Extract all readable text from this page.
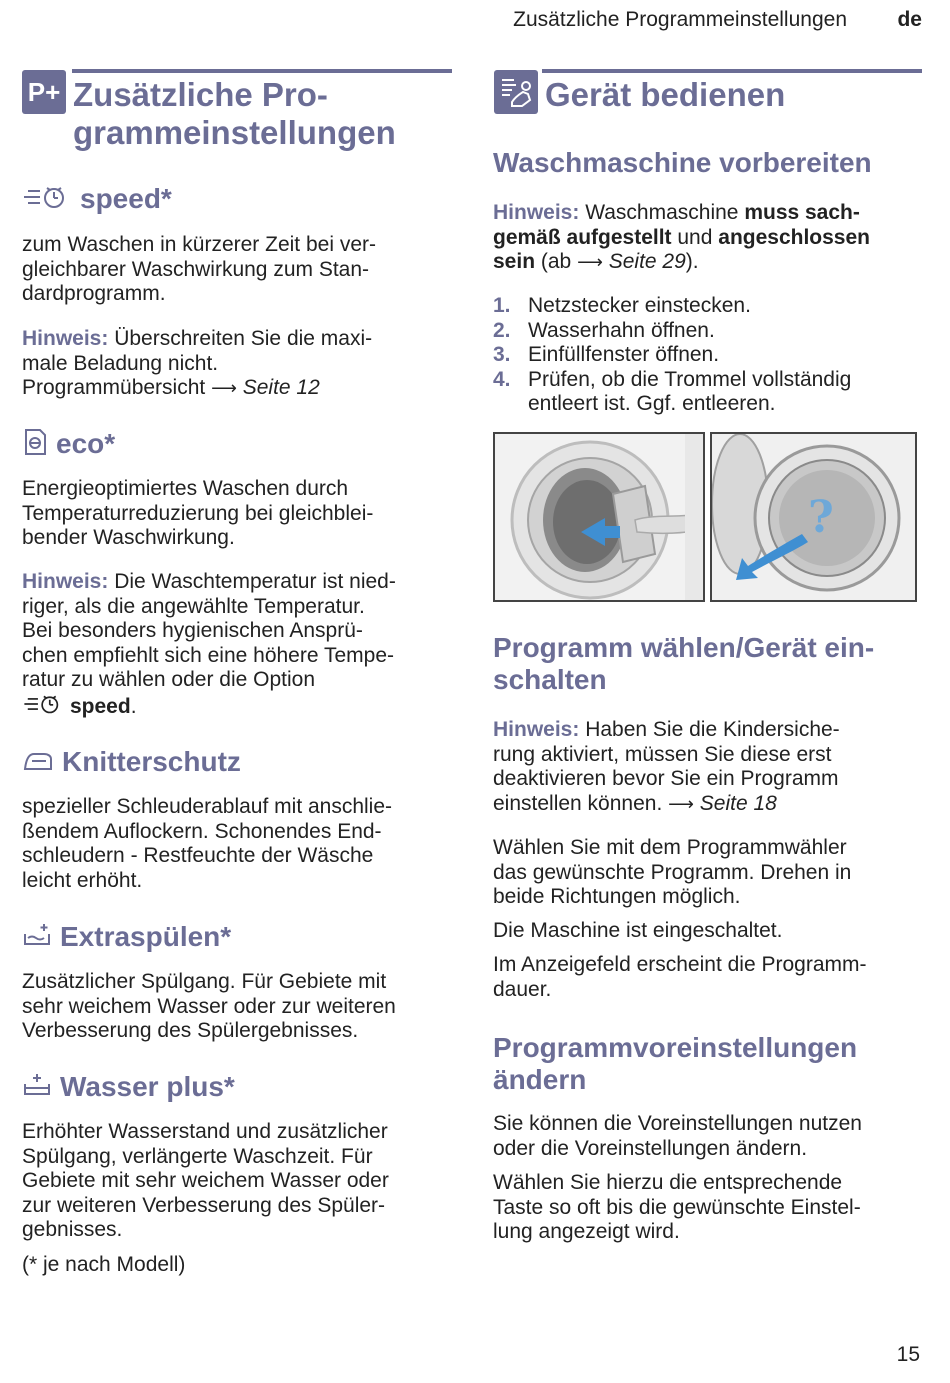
Zusätzliche Programmeinstellungen de
P+ Zusätzliche Pro-
grammeinstellungen
speed*

zum Waschen in kürzerer Zeit bei ver-

gleichbarer Waschwirkung zum Stan-

dardprogramm.

Hinweis: Überschreiten Sie die maxi-

male Beladung nicht.

Programmübersicht ⟶ Seite 12

eco*

Energieoptimiertes Waschen durch

Temperaturreduzierung bei gleichblei-

bender Waschwirkung.

Hinweis: Die Waschtemperatur ist nied-

riger, als die angewählte Temperatur.

Bei besonders hygienischen Ansprü-

chen empfiehlt sich eine höhere Tempe-

ratur zu wählen oder die Option

speed.

Knitterschutz

spezieller Schleuderablauf mit anschlie-

ßendem Auflockern. Schonendes End-

schleudern - Restfeuchte der Wäsche

leicht erhöht.

Extraspülen*

Zusätzlicher Spülgang. Für Gebiete mit

sehr weichem Wasser oder zur weiteren

Verbesserung des Spülergebnisses.

Wasser plus*

Erhöhter Wasserstand und zusätzlicher

Spülgang, verlängerte Waschzeit. Für

Gebiete mit sehr weichem Wasser oder

zur weiteren Verbesserung des Spüler-

gebnisses.

(* je nach Modell)

Gerät bedienen
Waschmaschine vorbereiten

Hinweis: Waschmaschine muss sach-

gemäß aufgestellt und angeschlossen

sein (ab ⟶ Seite 29).

1. Netzstecker einstecken.
2. Wasserhahn öffnen.
3. Einfüllfenster öffnen.
4. Prüfen, ob die Trommel vollständig
entleert ist. Ggf. entleeren.
?
Programm wählen/Gerät ein-
schalten

Hinweis: Haben Sie die Kindersiche-

rung aktiviert, müssen Sie diese erst

deaktivieren bevor Sie ein Programm

einstellen können. ⟶ Seite 18

Wählen Sie mit dem Programmwähler

das gewünschte Programm. Drehen in

beide Richtungen möglich.

Die Maschine ist eingeschaltet.

Im Anzeigefeld erscheint die Programm-

dauer.

Programmvoreinstellungen
ändern

Sie können die Voreinstellungen nutzen

oder die Voreinstellungen ändern.

Wählen Sie hierzu die entsprechende

Taste so oft bis die gewünschte Einstel-

lung angezeigt wird.

15
